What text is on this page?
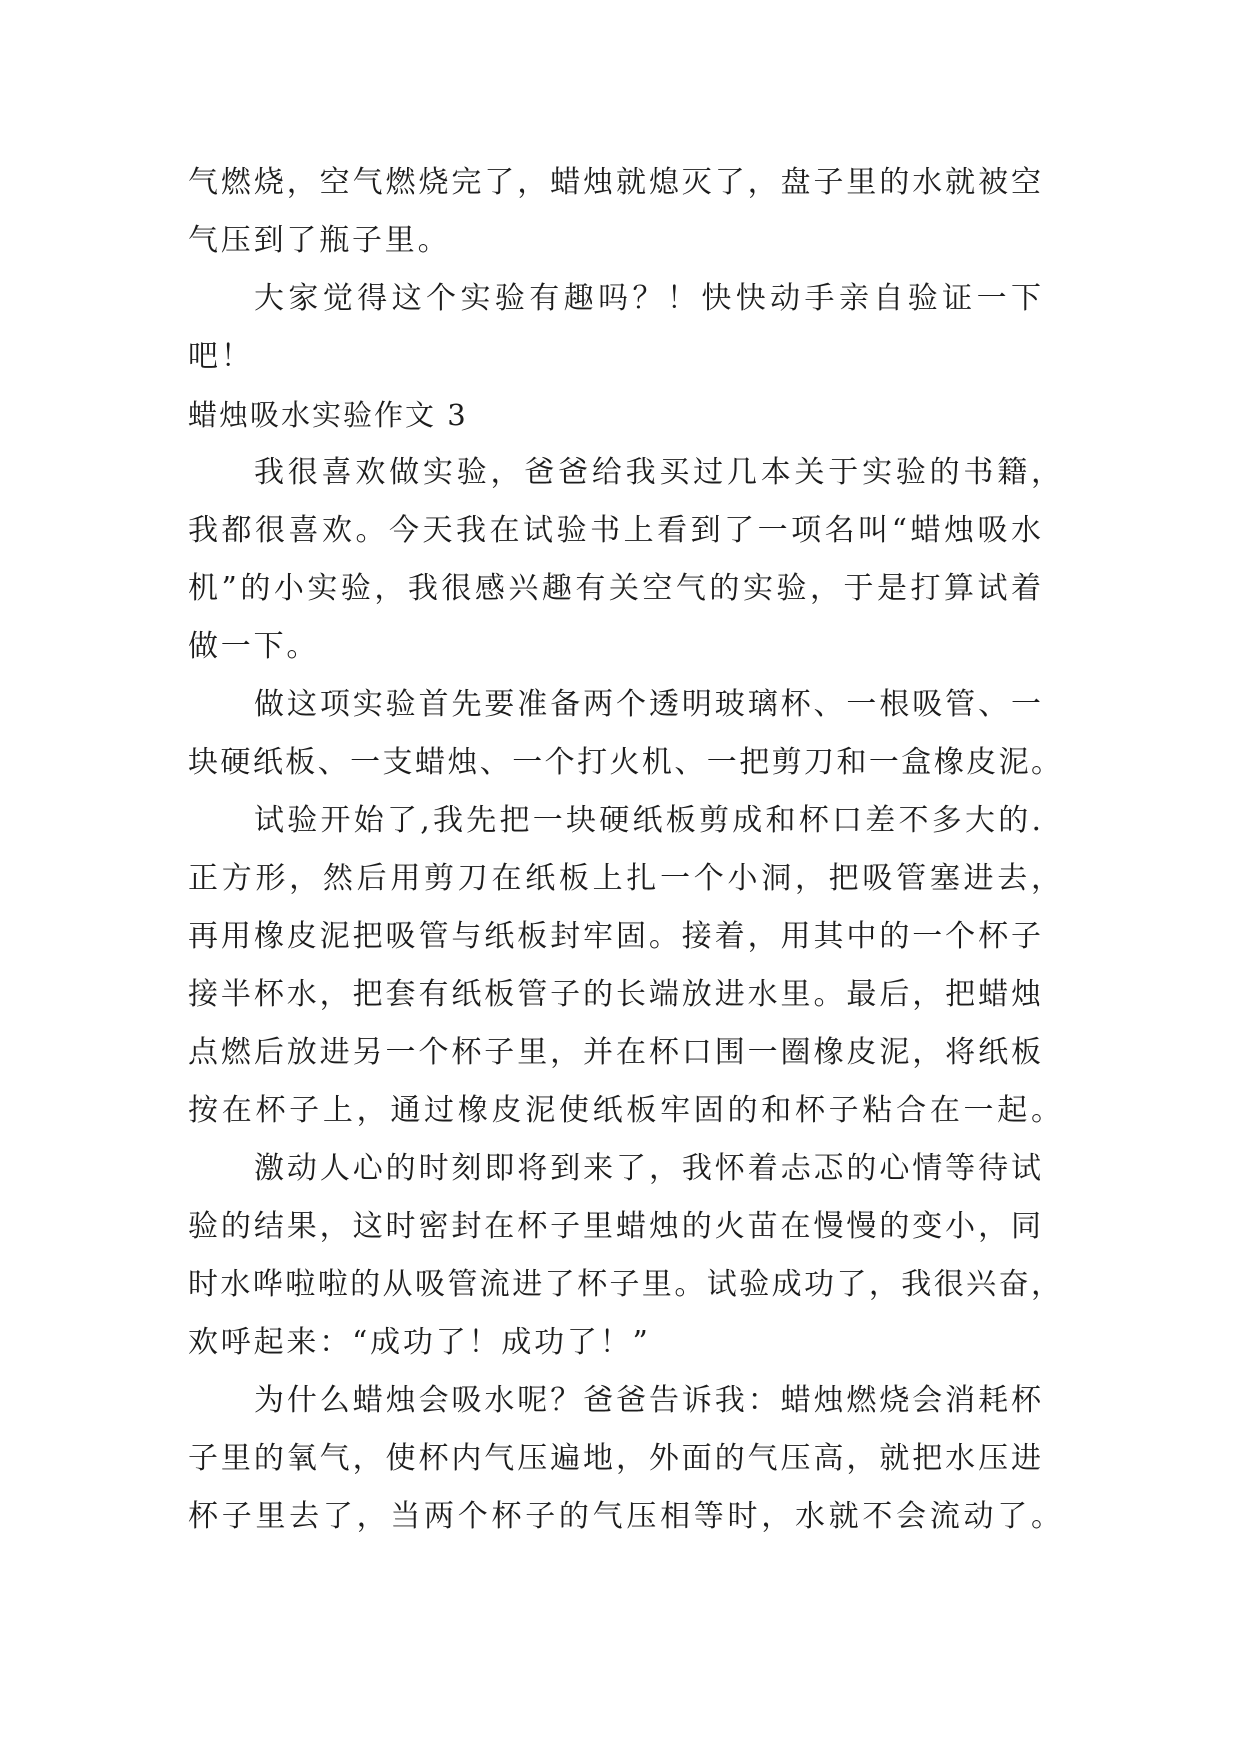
气燃烧，空气燃烧完了，蜡烛就熄灭了，盘子里的水就被空
气压到了瓶子里。
大家觉得这个实验有趣吗？！快快动手亲自验证一下
吧！
蜡烛吸水实验作文 3
我很喜欢做实验，爸爸给我买过几本关于实验的书籍，
我都很喜欢。今天我在试验书上看到了一项名叫“蜡烛吸水
机”的小实验，我很感兴趣有关空气的实验，于是打算试着
做一下。
做这项实验首先要准备两个透明玻璃杯、一根吸管、一
块硬纸板、一支蜡烛、一个打火机、一把剪刀和一盒橡皮泥。
试验开始了,我先把一块硬纸板剪成和杯口差不多大的.
正方形，然后用剪刀在纸板上扎一个小洞，把吸管塞进去，
再用橡皮泥把吸管与纸板封牢固。接着，用其中的一个杯子
接半杯水，把套有纸板管子的长端放进水里。最后，把蜡烛
点燃后放进另一个杯子里，并在杯口围一圈橡皮泥，将纸板
按在杯子上，通过橡皮泥使纸板牢固的和杯子粘合在一起。
激动人心的时刻即将到来了，我怀着忐忑的心情等待试
验的结果，这时密封在杯子里蜡烛的火苗在慢慢的变小，同
时水哗啦啦的从吸管流进了杯子里。试验成功了，我很兴奋，
欢呼起来：“成功了！成功了！”
为什么蜡烛会吸水呢？爸爸告诉我：蜡烛燃烧会消耗杯
子里的氧气，使杯内气压遍地，外面的气压高，就把水压进
杯子里去了，当两个杯子的气压相等时，水就不会流动了。
